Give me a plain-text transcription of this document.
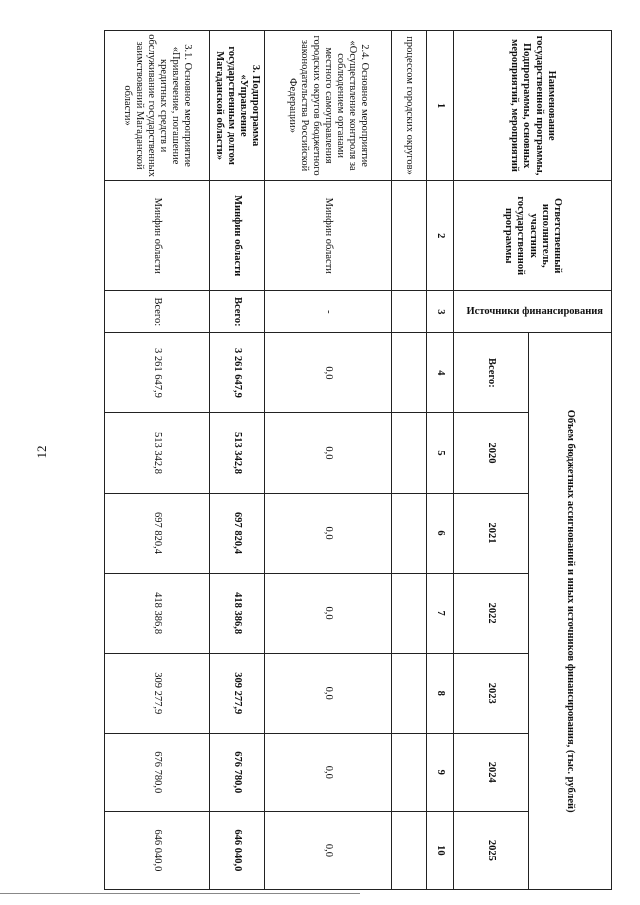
12
Наименование государственной программы, Подпрограммы, основных мероприятий, мероприятий	Ответственный исполнитель, участник государственной программы	Источники финансирования	Объем бюджетных ассигнований и иных источников финансирования, (тыс. рублей)						
			Всего:	2020	2021	2022	2023	2024	2025
1	2	3	4	5	6	7	8	9	10
процессом городских округов»									
2.4. Основное мероприятие «Осуществление контроля за соблюдением органами местного самоуправления городских округов бюджетного законодательства Российской Федерации»	Минфин области	-	0,0	0,0	0,0	0,0	0,0	0,0	0,0
3. Подпрограмма «Управление государственным долгом Магаданской области»	Минфин области	Всего:	3 261 647,9	513 342,8	697 820,4	418 386,8	309 277,9	676 780,0	646 040,0
3.1. Основное мероприятие «Привлечение, погашение кредитных средств и обслуживание государственных заимствований Магаданской области»	Минфин области	Всего:	3 261 647,9	513 342,8	697 820,4	418 386,8	309 277,9	676 780,0	646 040,0
